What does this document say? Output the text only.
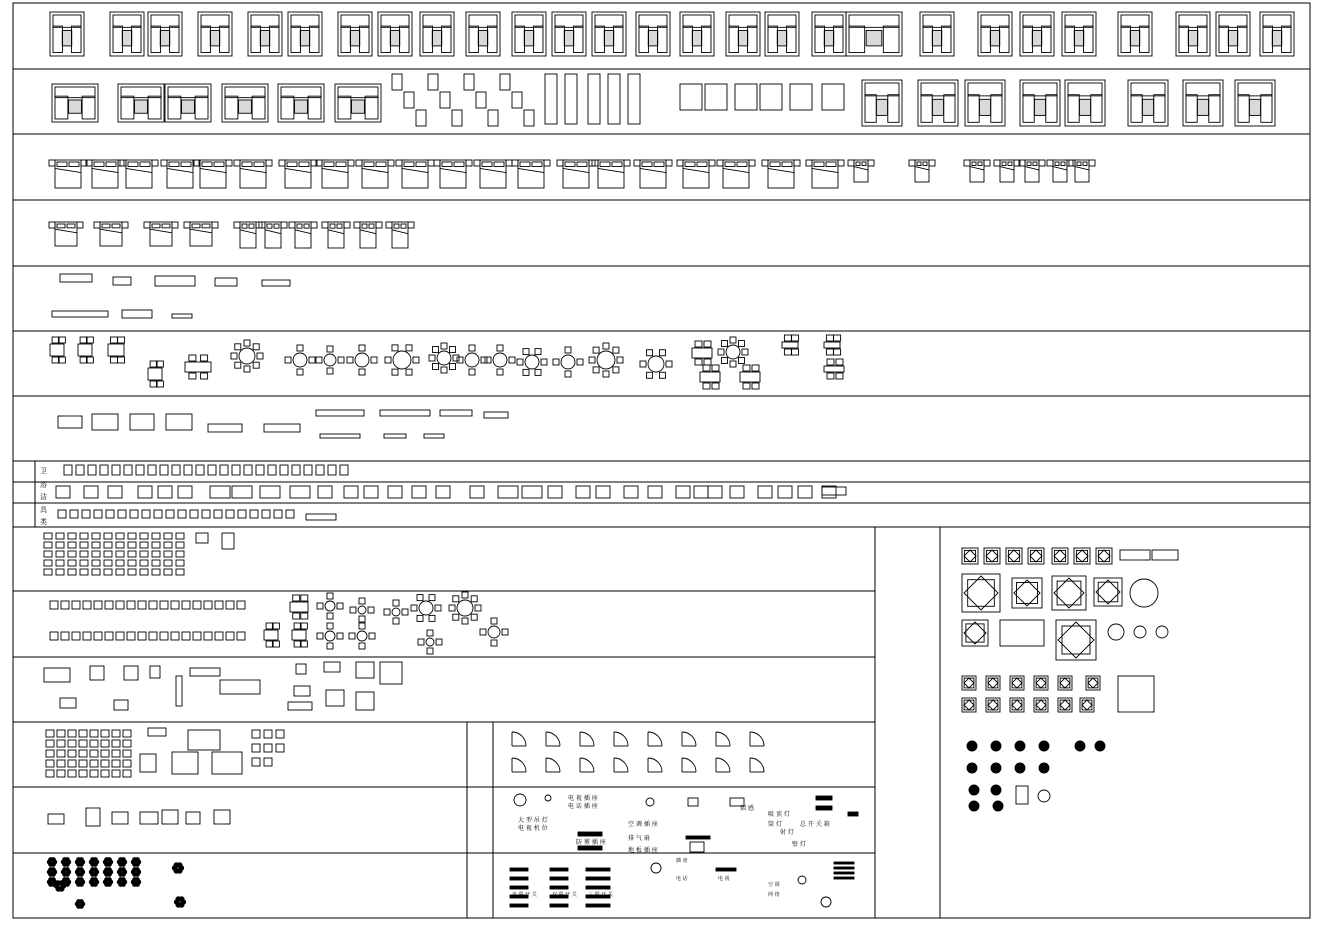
卫
浴
洁
具
类
电 视 插 座
电 话 插 座
大 型 吊 灯
电 视 机 位
空 调 插 座
排 气 扇
吸 顶 灯
筒 灯
射 灯
壁 灯
地 板 插 座
防 雾 插 座
烟 感
总 开 关 箱
单 联 开 关	双 联 开 关 三 联 开 关
插 座
电 话	电 视
空 调
网 络
